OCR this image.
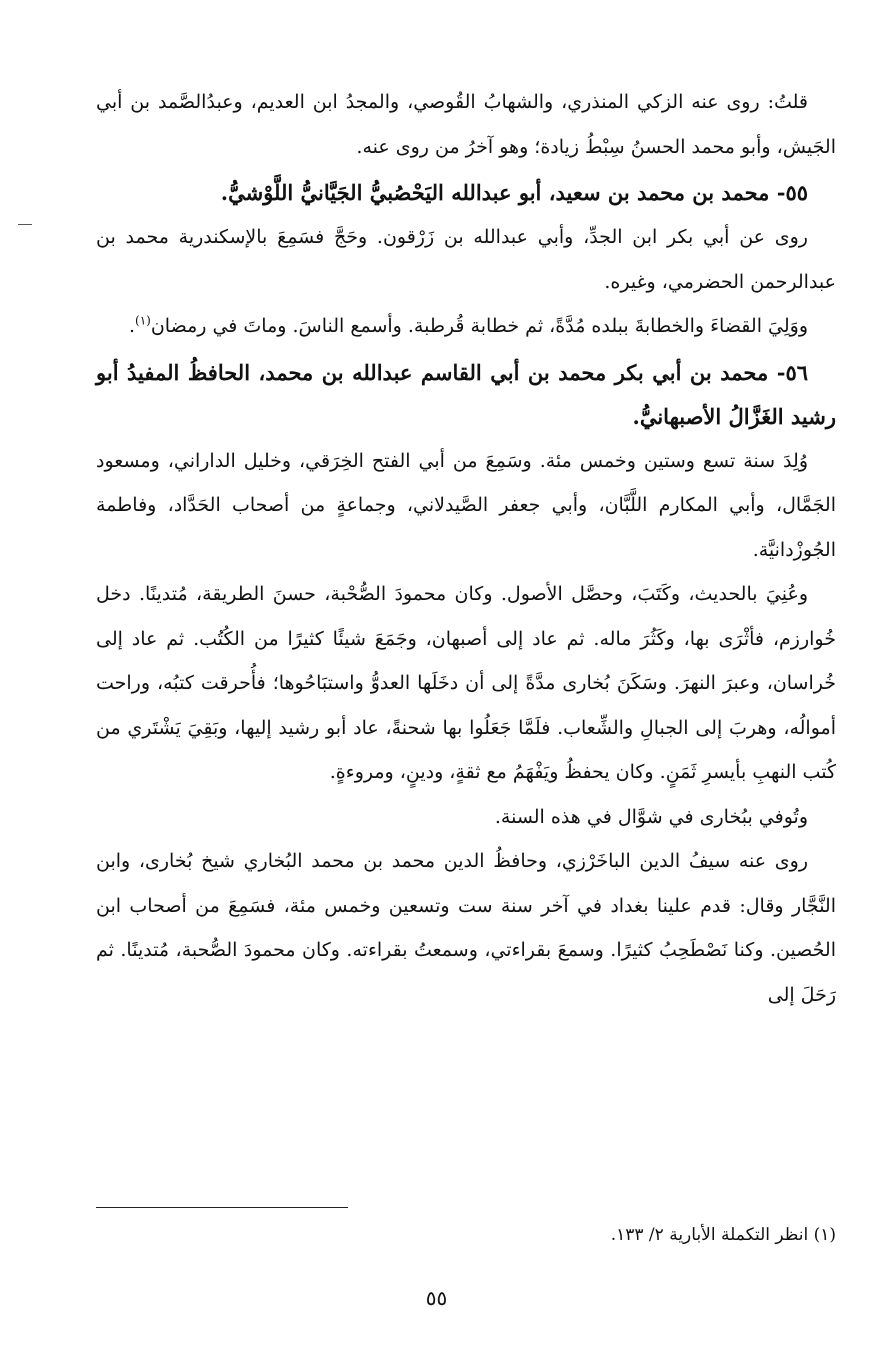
قلتُ: روى عنه الزكي المنذري، والشهابُ القُوصي، والمجدُ ابن العديم، وعبدُالصَّمد بن أبي الجَيش، وأبو محمد الحسنُ سِبْطُ زيادة؛ وهو آخرُ من روى عنه.

٥٥- محمد بن محمد بن سعيد، أبو عبدالله اليَحْصُبيُّ الجَيَّانيُّ اللَّوْشيُّ.

روى عن أبي بكر ابن الجدِّ، وأبي عبدالله بن زَرْقون. وحَجَّ فسَمِعَ بالإسكندرية محمد بن عبدالرحمن الحضرمي، وغيره.

ووَلِيَ القضاءَ والخطابةَ ببلده مُدَّةً، ثم خطابة قُرطبة. وأسمع الناسَ. وماتَ في رمضان$^{(١)}$.

٥٦- محمد بن أبي بكر محمد بن أبي القاسم عبدالله بن محمد، الحافظُ المفيدُ أبو رشيد الغَزَّالُ الأصبهانيُّ.

وُلِدَ سنة تسع وستين وخمس مئة. وسَمِعَ من أبي الفتح الخِرَقي، وخليل الداراني، ومسعود الجَمَّال، وأبي المكارم اللَّبَّان، وأبي جعفر الصَّيدلاني، وجماعةٍ من أصحاب الحَدَّاد، وفاطمة الجُوزْدانيَّة.

وعُنِيَ بالحديث، وكَتَبَ، وحصَّل الأصول. وكان محمودَ الصُّحْبة، حسنَ الطريقة، مُتدينًا. دخل خُوارزم، فأثْرَى بها، وكَثُرَ ماله. ثم عاد إلى أصبهان، وجَمَعَ شيئًا كثيرًا من الكُتُب. ثم عاد إلى خُراسان، وعبرَ النهرَ. وسَكَنَ بُخارى مدَّةً إلى أن دخَلَها العدوُّ واستبَاحُوها؛ فأُحرقت كتبُه، وراحت أموالُه، وهربَ إلى الجبالِ والشِّعاب. فلَمَّا جَعَلُوا بها شحنةً، عاد أبو رشيد إليها، وبَقِيَ يَشْتَري من كُتب النهبِ بأيسرِ ثَمَنٍ. وكان يحفظُ ويَفْهَمُ مع ثقةٍ، ودينٍ، ومروءةٍ.

وتُوفي ببُخارى في شوَّال في هذه السنة.

روى عنه سيفُ الدين الباخَرْزي، وحافظُ الدين محمد بن محمد البُخاري شيخ بُخارى، وابن النَّجَّار وقال: قدم علينا بغداد في آخر سنة ست وتسعين وخمس مئة، فسَمِعَ من أصحاب ابن الحُصين. وكنا نَصْطَحِبُ كثيرًا. وسمعَ بقراءتي، وسمعتُ بقراءته. وكان محمودَ الصُّحبة، مُتدينًا. ثم رَحَلَ إلى

(١) انظر التكملة الأبارية ٢/ ١٣٣.

٥٥
